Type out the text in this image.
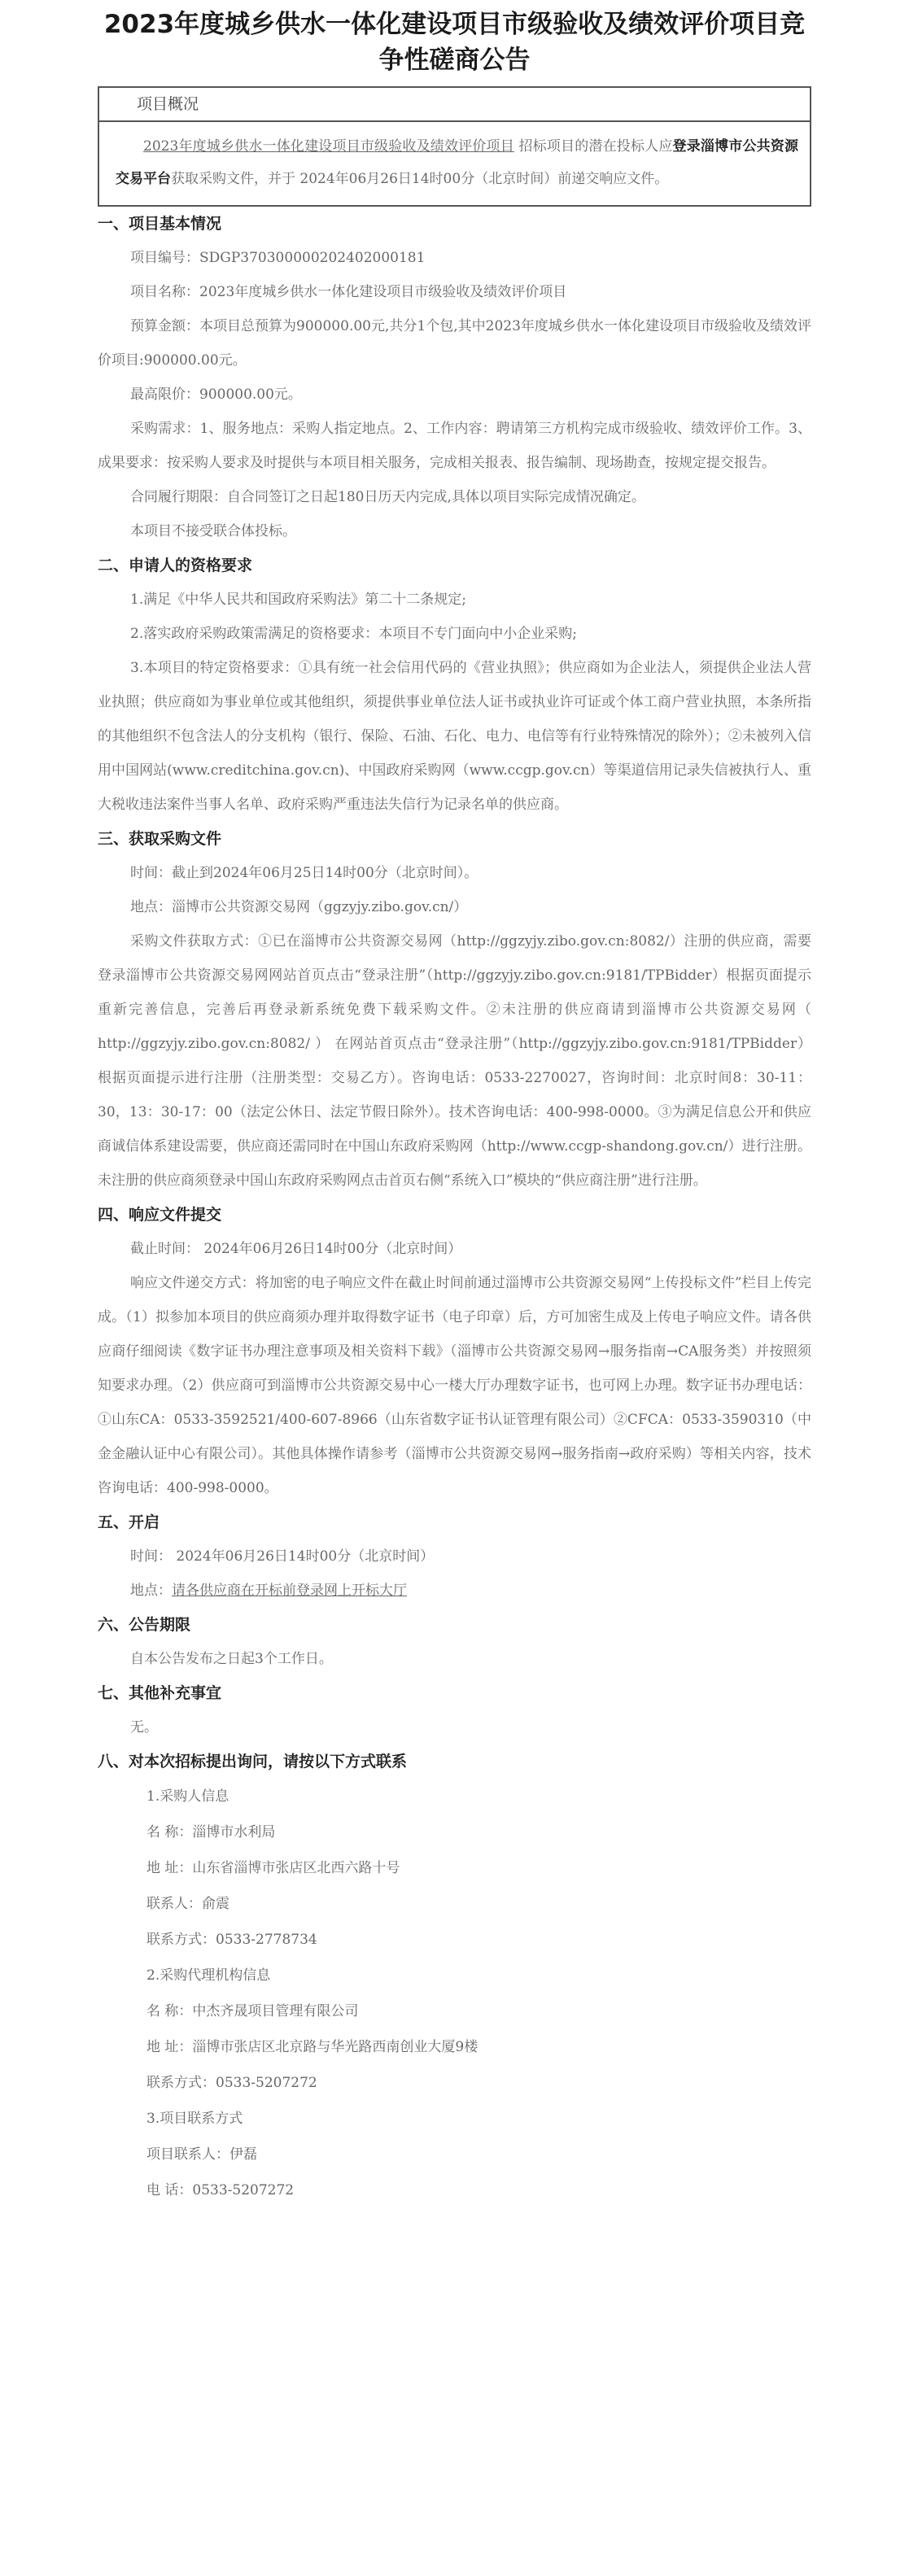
2023年度城乡供水一体化建设项目市级验收及绩效评价项目竞争性磋商公告
项目概况
2023年度城乡供水一体化建设项目市级验收及绩效评价项目 招标项目的潜在投标人应登录淄博市公共资源交易平台获取采购文件，并于 2024年06月26日14时00分（北京时间）前递交响应文件。
一、项目基本情况

项目编号：SDGP370300000202402000181

项目名称：2023年度城乡供水一体化建设项目市级验收及绩效评价项目

预算金额：本项目总预算为900000.00元,共分1个包,其中2023年度城乡供水一体化建设项目市级验收及绩效评价项目:900000.00元。

最高限价：900000.00元。

采购需求：1、服务地点：采购人指定地点。2、工作内容：聘请第三方机构完成市级验收、绩效评价工作。3、成果要求：按采购人要求及时提供与本项目相关服务，完成相关报表、报告编制、现场勘查，按规定提交报告。

合同履行期限：自合同签订之日起180日历天内完成,具体以项目实际完成情况确定。

本项目不接受联合体投标。

二、申请人的资格要求

1.满足《中华人民共和国政府采购法》第二十二条规定;

2.落实政府采购政策需满足的资格要求：本项目不专门面向中小企业采购;

3.本项目的特定资格要求：①具有统一社会信用代码的《营业执照》；供应商如为企业法人，须提供企业法人营业执照；供应商如为事业单位或其他组织，须提供事业单位法人证书或执业许可证或个体工商户营业执照，本条所指的其他组织不包含法人的分支机构（银行、保险、石油、石化、电力、电信等有行业特殊情况的除外）；②未被列入信用中国网站(www.creditchina.gov.cn)、中国政府采购网（www.ccgp.gov.cn）等渠道信用记录失信被执行人、重大税收违法案件当事人名单、政府采购严重违法失信行为记录名单的供应商。

三、获取采购文件

时间：截止到2024年06月25日14时00分（北京时间）。

地点：淄博市公共资源交易网（ggzyjy.zibo.gov.cn/）

采购文件获取方式：①已在淄博市公共资源交易网（http://ggzyjy.zibo.gov.cn:8082/）注册的供应商，需要登录淄博市公共资源交易网网站首页点击“登录注册”（http://ggzyjy.zibo.gov.cn:9181/TPBidder）根据页面提示重新完善信息，完善后再登录新系统免费下载采购文件。②未注册的供应商请到淄博市公共资源交易网（ http://ggzyjy.zibo.gov.cn:8082/ ） 在网站首页点击“登录注册”（http://ggzyjy.zibo.gov.cn:9181/TPBidder）根据页面提示进行注册（注册类型：交易乙方）。咨询电话：0533-2270027，咨询时间：北京时间8：30-11：30，13：30-17：00（法定公休日、法定节假日除外）。技术咨询电话：400-998-0000。③为满足信息公开和供应商诚信体系建设需要，供应商还需同时在中国山东政府采购网（http://www.ccgp-shandong.gov.cn/）进行注册。未注册的供应商须登录中国山东政府采购网点击首页右侧“系统入口”模块的“供应商注册”进行注册。

四、响应文件提交

截止时间： 2024年06月26日14时00分（北京时间）

响应文件递交方式：将加密的电子响应文件在截止时间前通过淄博市公共资源交易网“上传投标文件”栏目上传完成。（1）拟参加本项目的供应商须办理并取得数字证书（电子印章）后，方可加密生成及上传电子响应文件。请各供应商仔细阅读《数字证书办理注意事项及相关资料下载》（淄博市公共资源交易网→服务指南→CA服务类）并按照须知要求办理。（2）供应商可到淄博市公共资源交易中心一楼大厅办理数字证书，也可网上办理。数字证书办理电话：①山东CA：0533-3592521/400-607-8966（山东省数字证书认证管理有限公司）②CFCA：0533-3590310（中金金融认证中心有限公司）。其他具体操作请参考（淄博市公共资源交易网→服务指南→政府采购）等相关内容，技术咨询电话：400-998-0000。

五、开启

时间： 2024年06月26日14时00分（北京时间）

地点：请各供应商在开标前登录网上开标大厅

六、公告期限

自本公告发布之日起3个工作日。

七、其他补充事宜

无。

八、对本次招标提出询问，请按以下方式联系

1.采购人信息

名 称：淄博市水利局

地 址：山东省淄博市张店区北西六路十号

联系人：俞震

联系方式：0533-2778734

2.采购代理机构信息

名 称：中杰齐晟项目管理有限公司

地 址：淄博市张店区北京路与华光路西南创业大厦9楼

联系方式：0533-5207272

3.项目联系方式

项目联系人：伊磊

电 话：0533-5207272
